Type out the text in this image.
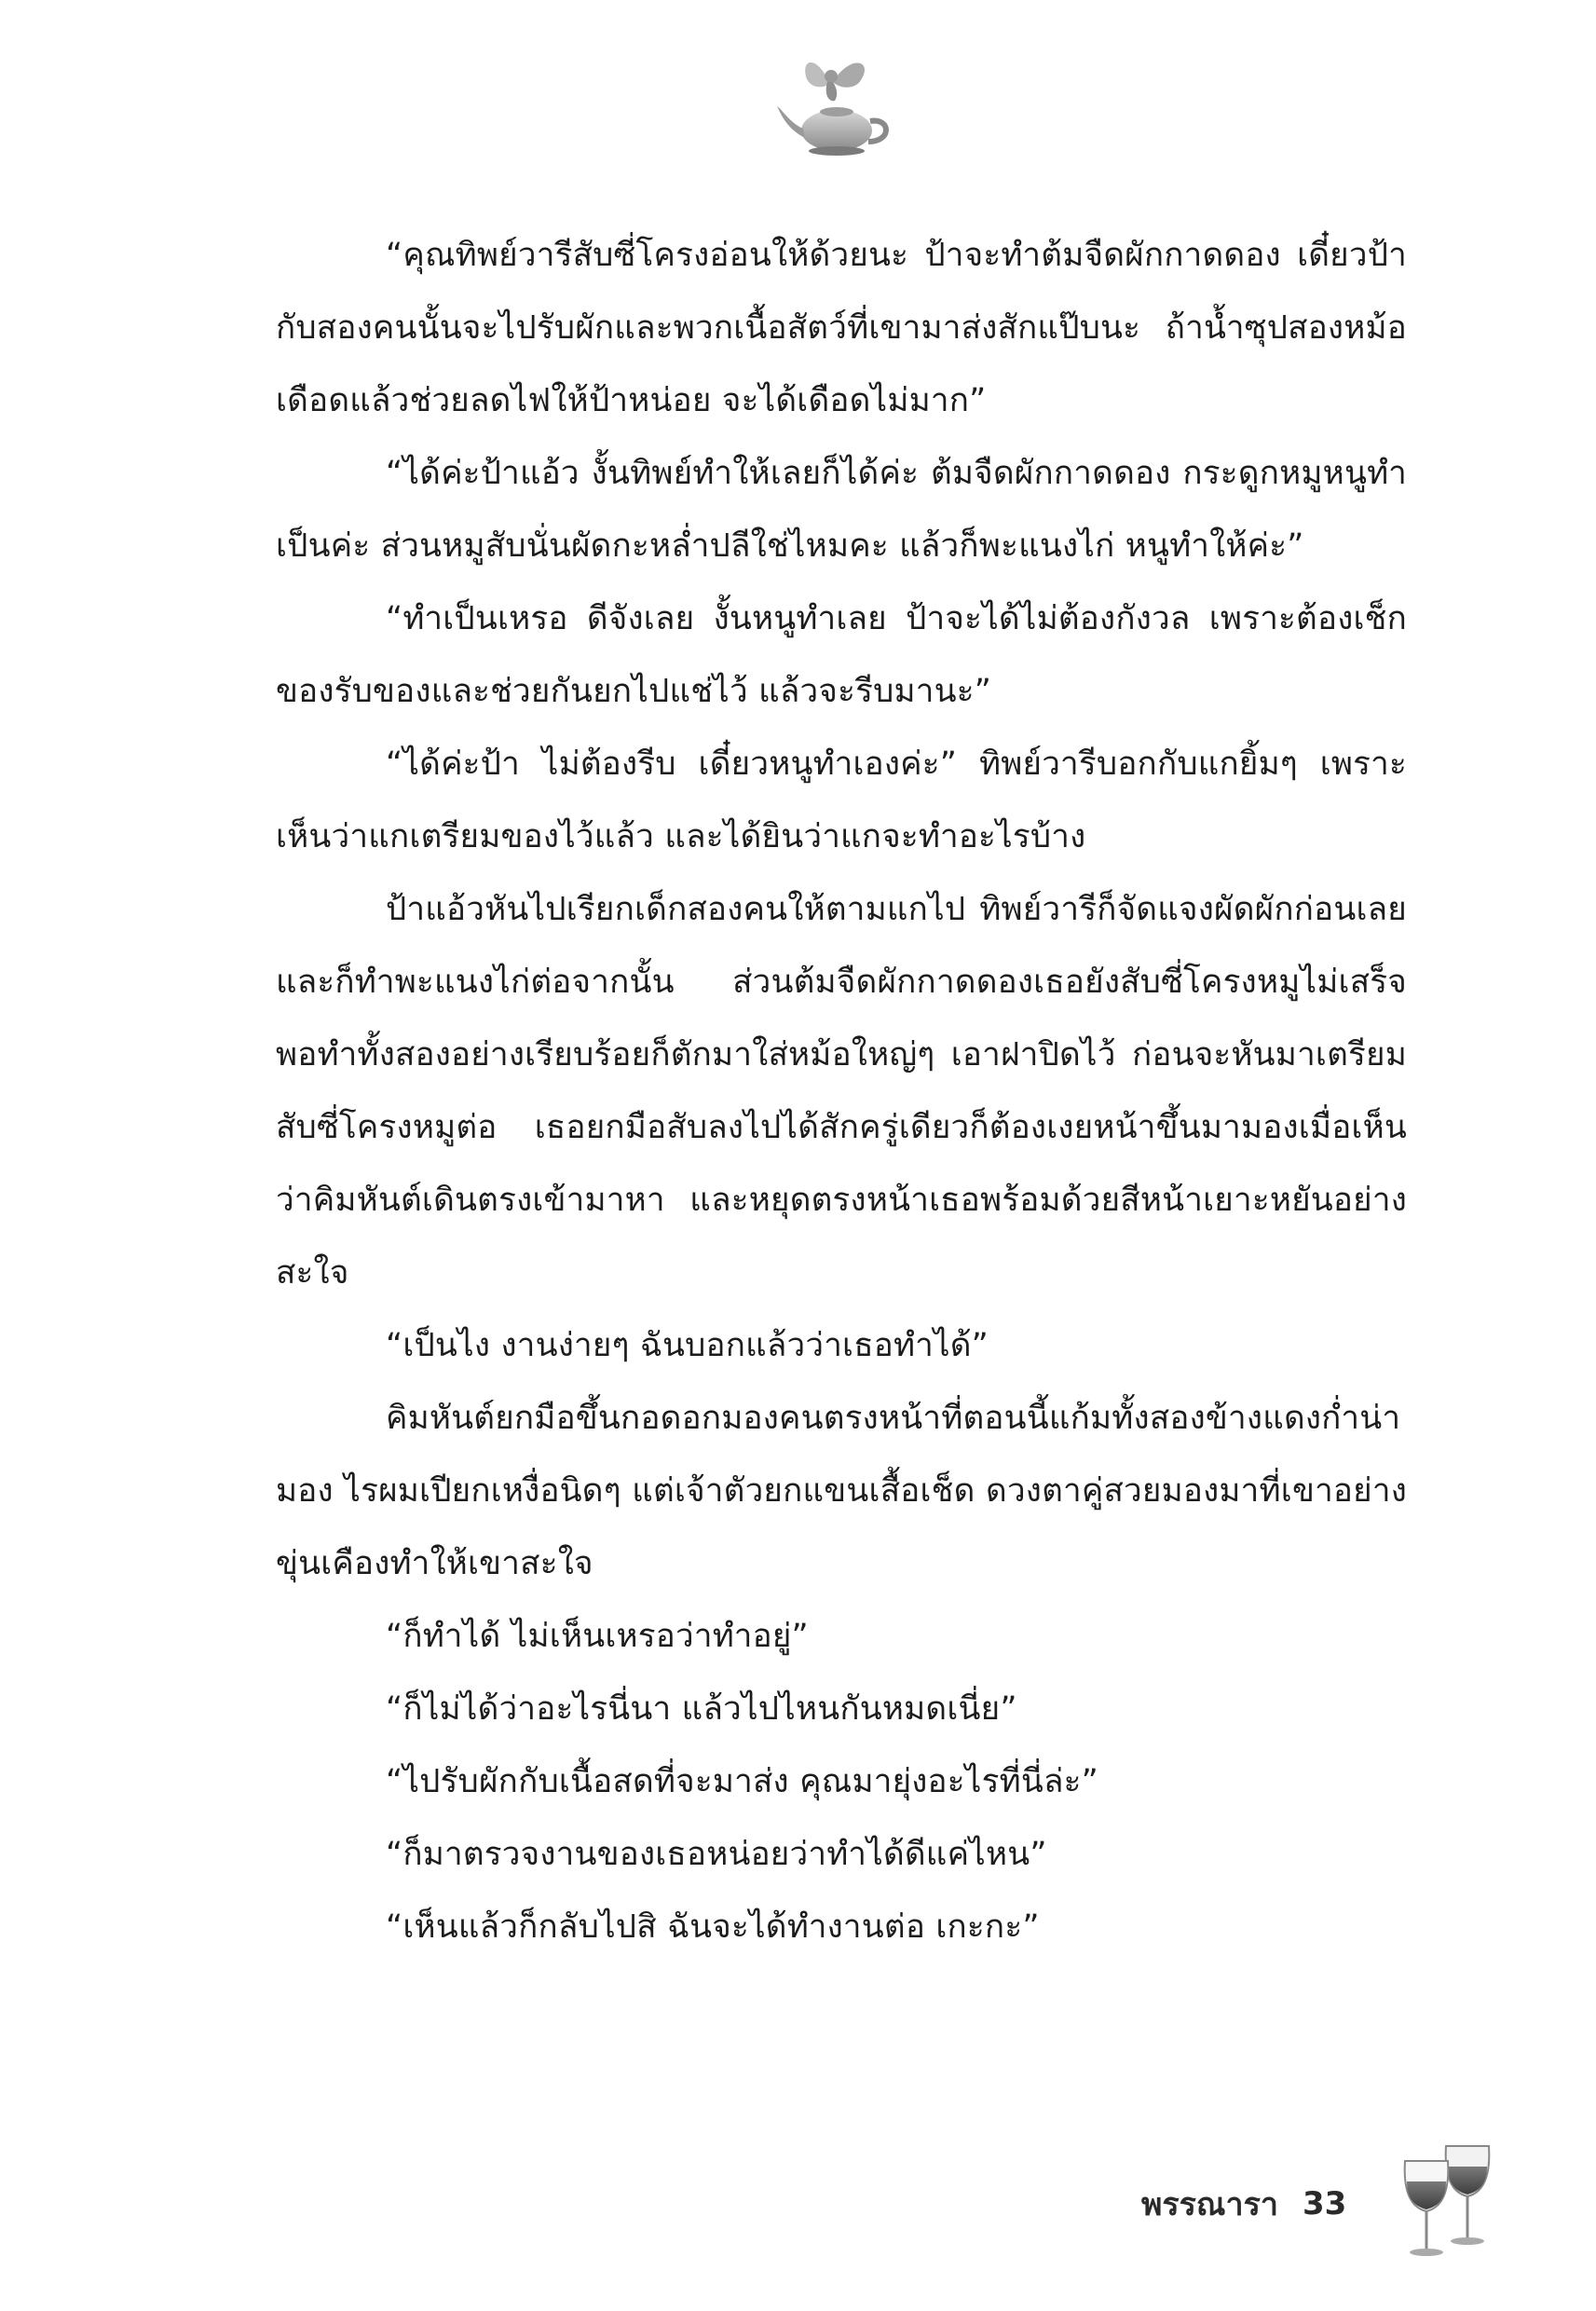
“คุณทิพย์วารีสับซี่โครงอ่อนให้ด้วยนะ ป้าจะทำต้มจืดผักกาดดอง เดี๋ยวป้ากับสองคนนั้นจะไปรับผักและพวกเนื้อสัตว์ที่เขามาส่งสักแป๊บนะ ถ้าน้ำซุปสองหม้อเดือดแล้วช่วยลดไฟให้ป้าหน่อย จะได้เดือดไม่มาก”

“ได้ค่ะป้าแอ้ว งั้นทิพย์ทำให้เลยก็ได้ค่ะ ต้มจืดผักกาดดอง กระดูกหมูหนูทำเป็นค่ะ ส่วนหมูสับนั่นผัดกะหล่ำปลีใช่ไหมคะ แล้วก็พะแนงไก่ หนูทำให้ค่ะ”

“ทำเป็นเหรอ ดีจังเลย งั้นหนูทำเลย ป้าจะได้ไม่ต้องกังวล เพราะต้องเช็กของรับของและช่วยกันยกไปแช่ไว้ แล้วจะรีบมานะ”

“ได้ค่ะป้า ไม่ต้องรีบ เดี๋ยวหนูทำเองค่ะ” ทิพย์วารีบอกกับแกยิ้มๆ เพราะเห็นว่าแกเตรียมของไว้แล้ว และได้ยินว่าแกจะทำอะไรบ้าง

ป้าแอ้วหันไปเรียกเด็กสองคนให้ตามแกไป ทิพย์วารีก็จัดแจงผัดผักก่อนเลย และก็ทำพะแนงไก่ต่อจากนั้น ส่วนต้มจืดผักกาดดองเธอยังสับซี่โครงหมูไม่เสร็จ พอทำทั้งสองอย่างเรียบร้อยก็ตักมาใส่หม้อใหญ่ๆ เอาฝาปิดไว้ ก่อนจะหันมาเตรียมสับซี่โครงหมูต่อ เธอยกมือสับลงไปได้สักครู่เดียวก็ต้องเงยหน้าขึ้นมามองเมื่อเห็นว่าคิมหันต์เดินตรงเข้ามาหา และหยุดตรงหน้าเธอพร้อมด้วยสีหน้าเยาะหยันอย่างสะใจ

“เป็นไง งานง่ายๆ ฉันบอกแล้วว่าเธอทำได้”

คิมหันต์ยกมือขึ้นกอดอกมองคนตรงหน้าที่ตอนนี้แก้มทั้งสองข้างแดงก่ำน่ามอง ไรผมเปียกเหงื่อนิดๆ แต่เจ้าตัวยกแขนเสื้อเช็ด ดวงตาคู่สวยมองมาที่เขาอย่างขุ่นเคืองทำให้เขาสะใจ

“ก็ทำได้ ไม่เห็นเหรอว่าทำอยู่”

“ก็ไม่ได้ว่าอะไรนี่นา แล้วไปไหนกันหมดเนี่ย”

“ไปรับผักกับเนื้อสดที่จะมาส่ง คุณมายุ่งอะไรที่นี่ล่ะ”

“ก็มาตรวจงานของเธอหน่อยว่าทำได้ดีแค่ไหน”

“เห็นแล้วก็กลับไปสิ ฉันจะได้ทำงานต่อ เกะกะ”

พรรณารา 33
